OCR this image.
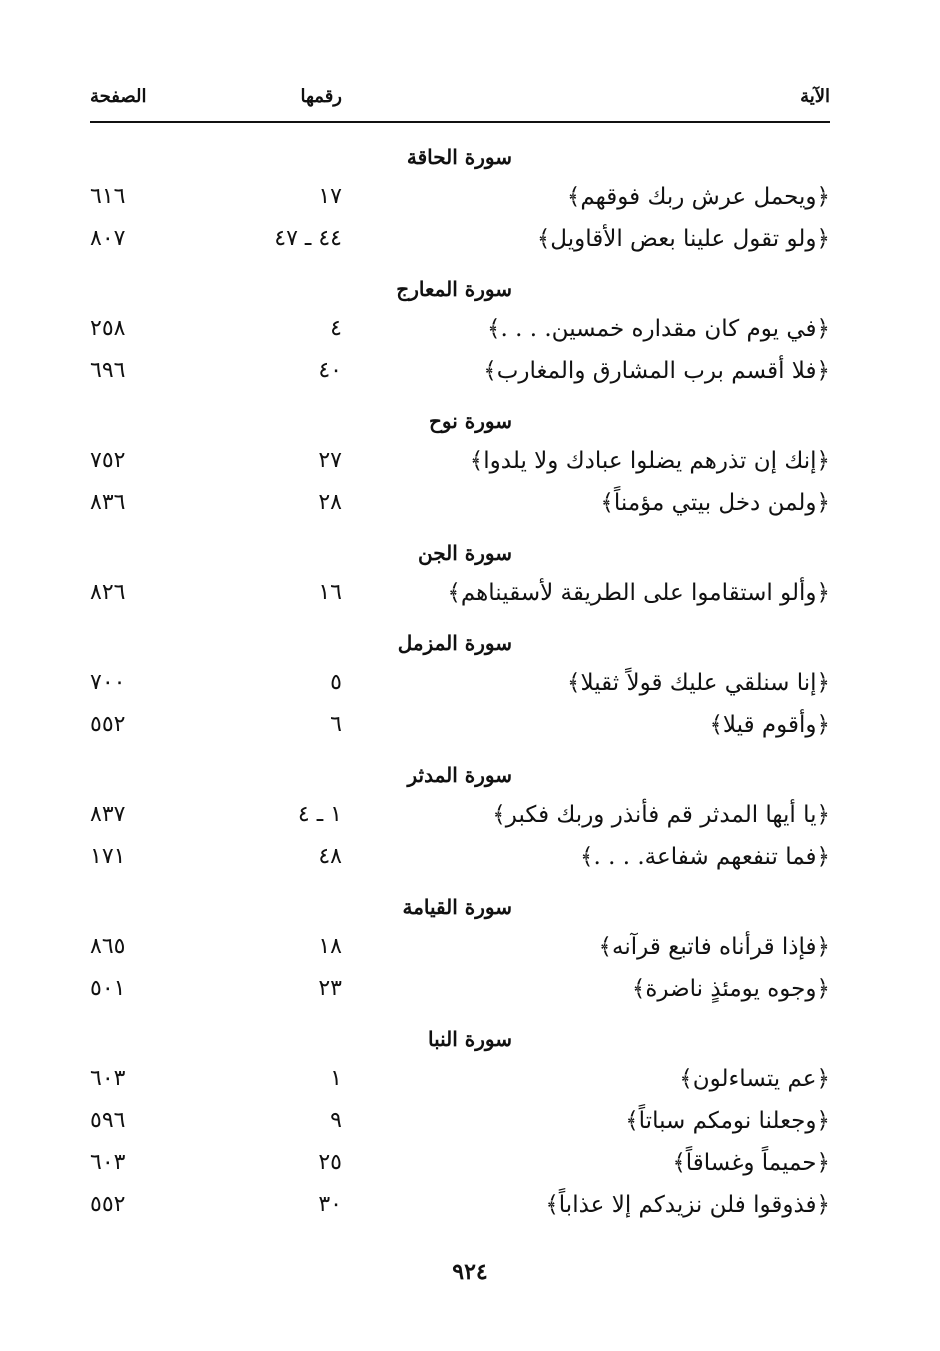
الآية
رقمها
الصفحة
سورة الحاقة
﴿ويحمل عرش ربك فوقهم﴾
١٧
٦١٦
﴿ولو تقول علينا بعض الأقاويل﴾
٤٤ ـ ٤٧
٨٠٧
سورة المعارج
﴿في يوم كان مقداره خمسين. . . .﴾
٤
٢٥٨
﴿فلا أقسم برب المشارق والمغارب﴾
٤٠
٦٩٦
سورة نوح
﴿إنك إن تذرهم يضلوا عبادك ولا يلدوا﴾
٢٧
٧٥٢
﴿ولمن دخل بيتي مؤمناً﴾
٢٨
٨٣٦
سورة الجن
﴿وألو استقاموا على الطريقة لأسقيناهم﴾
١٦
٨٢٦
سورة المزمل
﴿إنا سنلقي عليك قولاً ثقيلا﴾
٥
٧٠٠
﴿وأقوم قيلا﴾
٦
٥٥٢
سورة المدثر
﴿يا أيها المدثر قم فأنذر وربك فكبر﴾
١ ـ ٤
٨٣٧
﴿فما تنفعهم شفاعة. . . .﴾
٤٨
١٧١
سورة القيامة
﴿فإذا قرأناه فاتبع قرآنه﴾
١٨
٨٦٥
﴿وجوه يومئذٍ ناضرة﴾
٢٣
٥٠١
سورة النبا
﴿عم يتساءلون﴾
١
٦٠٣
﴿وجعلنا نومكم سباتاً﴾
٩
٥٩٦
﴿حميماً وغساقاً﴾
٢٥
٦٠٣
﴿فذوقوا فلن نزيدكم إلا عذاباً﴾
٣٠
٥٥٢
٩٢٤
